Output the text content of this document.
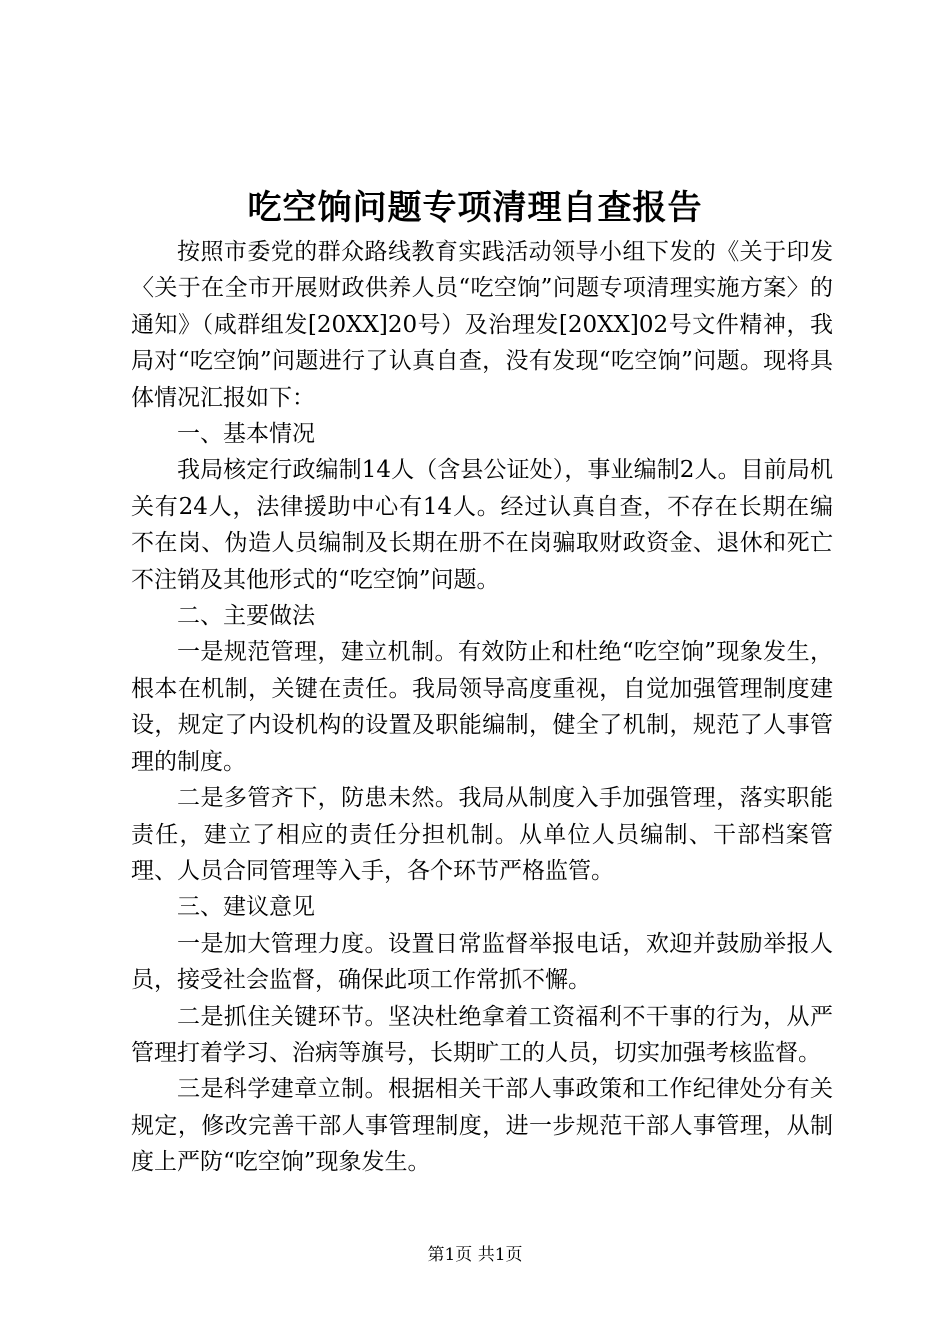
吃空饷问题专项清理自查报告

按照市委党的群众路线教育实践活动领导小组下发的《关于印发〈关于在全市开展财政供养人员“吃空饷”问题专项清理实施方案〉的通知》（咸群组发[20XX]20号）及治理发[20XX]02号文件精神，我局对“吃空饷”问题进行了认真自查，没有发现“吃空饷”问题。现将具体情况汇报如下：

一、基本情况

我局核定行政编制14人（含县公证处），事业编制2人。目前局机关有24人，法律援助中心有14人。经过认真自查，不存在长期在编不在岗、伪造人员编制及长期在册不在岗骗取财政资金、退休和死亡不注销及其他形式的“吃空饷”问题。

二、主要做法

一是规范管理，建立机制。有效防止和杜绝“吃空饷”现象发生，根本在机制，关键在责任。我局领导高度重视，自觉加强管理制度建设，规定了内设机构的设置及职能编制，健全了机制，规范了人事管理的制度。

二是多管齐下，防患未然。我局从制度入手加强管理，落实职能责任，建立了相应的责任分担机制。从单位人员编制、干部档案管理、人员合同管理等入手，各个环节严格监管。

三、建议意见

一是加大管理力度。设置日常监督举报电话，欢迎并鼓励举报人员，接受社会监督，确保此项工作常抓不懈。

二是抓住关键环节。坚决杜绝拿着工资福利不干事的行为，从严管理打着学习、治病等旗号，长期旷工的人员，切实加强考核监督。

三是科学建章立制。根据相关干部人事政策和工作纪律处分有关规定，修改完善干部人事管理制度，进一步规范干部人事管理，从制度上严防“吃空饷”现象发生。

第1页 共1页
